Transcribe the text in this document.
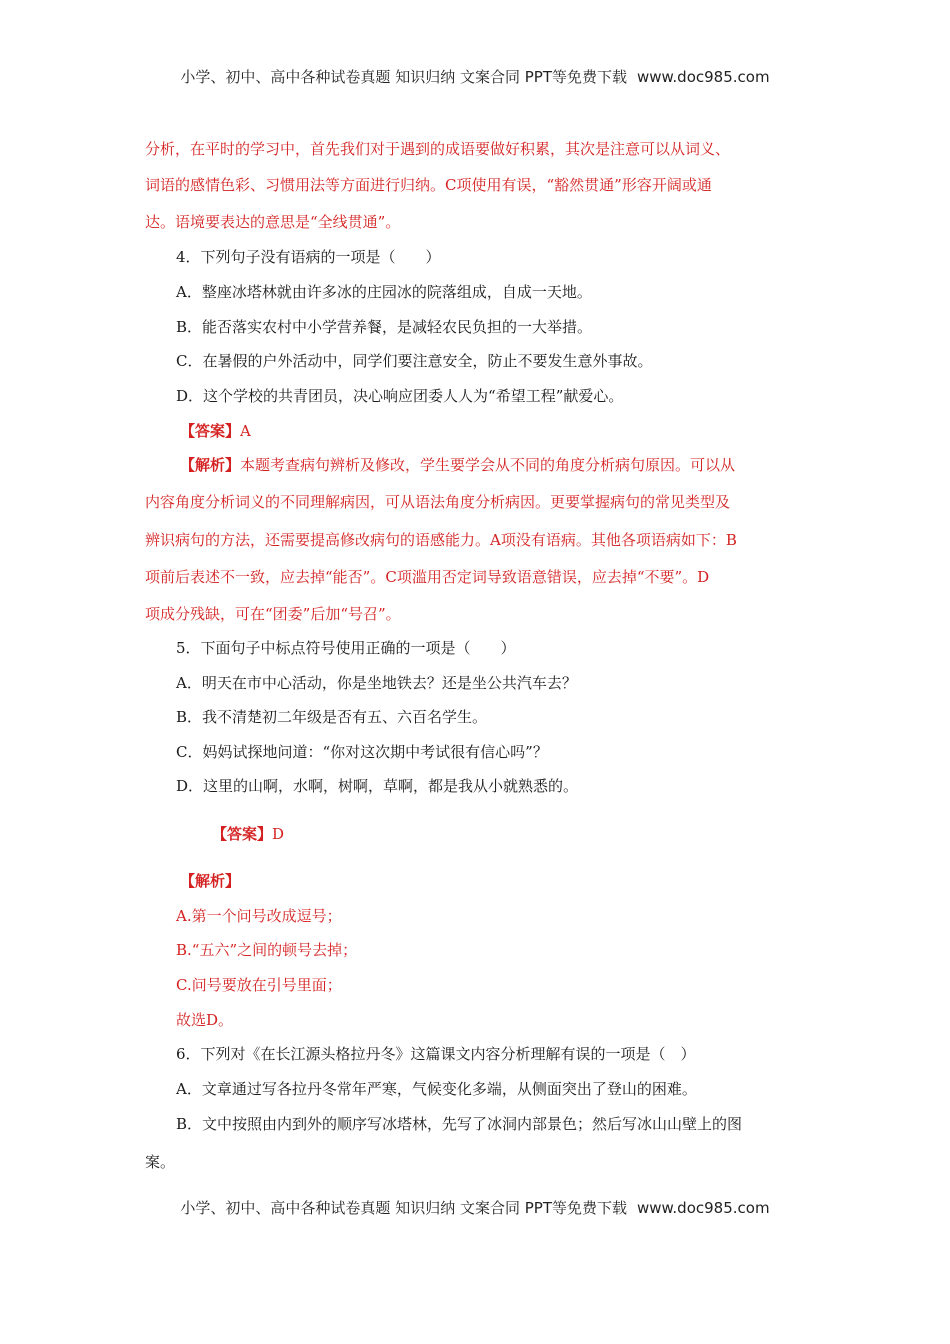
小学、初中、高中各种试卷真题 知识归纳 文案合同 PPT等免费下载 www.doc985.com
分析，在平时的学习中，首先我们对于遇到的成语要做好积累，其次是注意可以从词义、
词语的感情色彩、习惯用法等方面进行归纳。C项使用有误，“豁然贯通”形容开阔或通
达。语境要表达的意思是“全线贯通”。
4．下列句子没有语病的一项是（　　）
A．整座冰塔林就由许多冰的庄园冰的院落组成，自成一天地。
B．能否落实农村中小学营养餐，是减轻农民负担的一大举措。
C．在暑假的户外活动中，同学们要注意安全，防止不要发生意外事故。
D．这个学校的共青团员，决心响应团委人人为“希望工程”献爱心。
【答案】A
【解析】本题考查病句辨析及修改，学生要学会从不同的角度分析病句原因。可以从
内容角度分析词义的不同理解病因，可从语法角度分析病因。更要掌握病句的常见类型及
辨识病句的方法，还需要提高修改病句的语感能力。A项没有语病。其他各项语病如下：B
项前后表述不一致，应去掉“能否”。C项滥用否定词导致语意错误，应去掉“不要”。D
项成分残缺，可在“团委”后加“号召”。
5．下面句子中标点符号使用正确的一项是（　　）
A．明天在市中心活动，你是坐地铁去？还是坐公共汽车去？
B．我不清楚初二年级是否有五、六百名学生。
C．妈妈试探地问道：“你对这次期中考试很有信心吗”？
D．这里的山啊，水啊，树啊，草啊，都是我从小就熟悉的。
【答案】D
【解析】
A.第一个问号改成逗号；
B.“五六”之间的顿号去掉；
C.问号要放在引号里面；
故选D。
6．下列对《在长江源头格拉丹冬》这篇课文内容分析理解有误的一项是（　）
A．文章通过写各拉丹冬常年严寒，气候变化多端，从侧面突出了登山的困难。
B．文中按照由内到外的顺序写冰塔林，先写了冰洞内部景色；然后写冰山山壁上的图
案。
小学、初中、高中各种试卷真题 知识归纳 文案合同 PPT等免费下载 www.doc985.com
